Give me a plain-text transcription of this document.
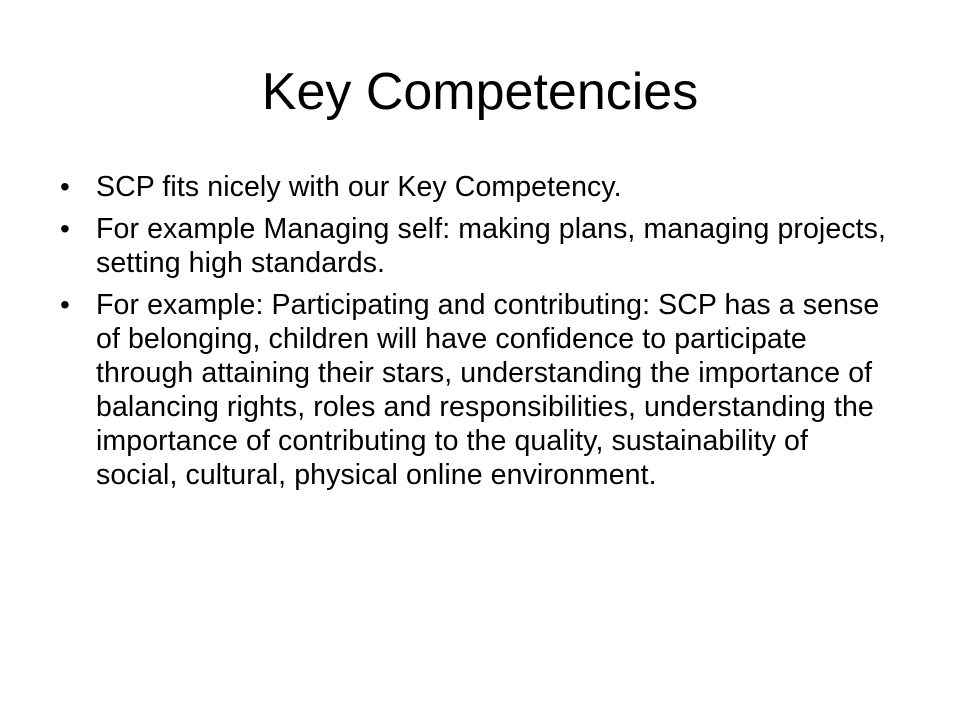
Key Competencies
• SCP fits nicely with our Key Competency.
• For example Managing self: making plans, managing projects, setting high standards.
• For example: Participating and contributing: SCP has a sense of belonging, children will have confidence to participate through attaining their stars, understanding the importance of balancing rights, roles and responsibilities, understanding the importance of contributing to the quality, sustainability of social, cultural, physical online environment.
